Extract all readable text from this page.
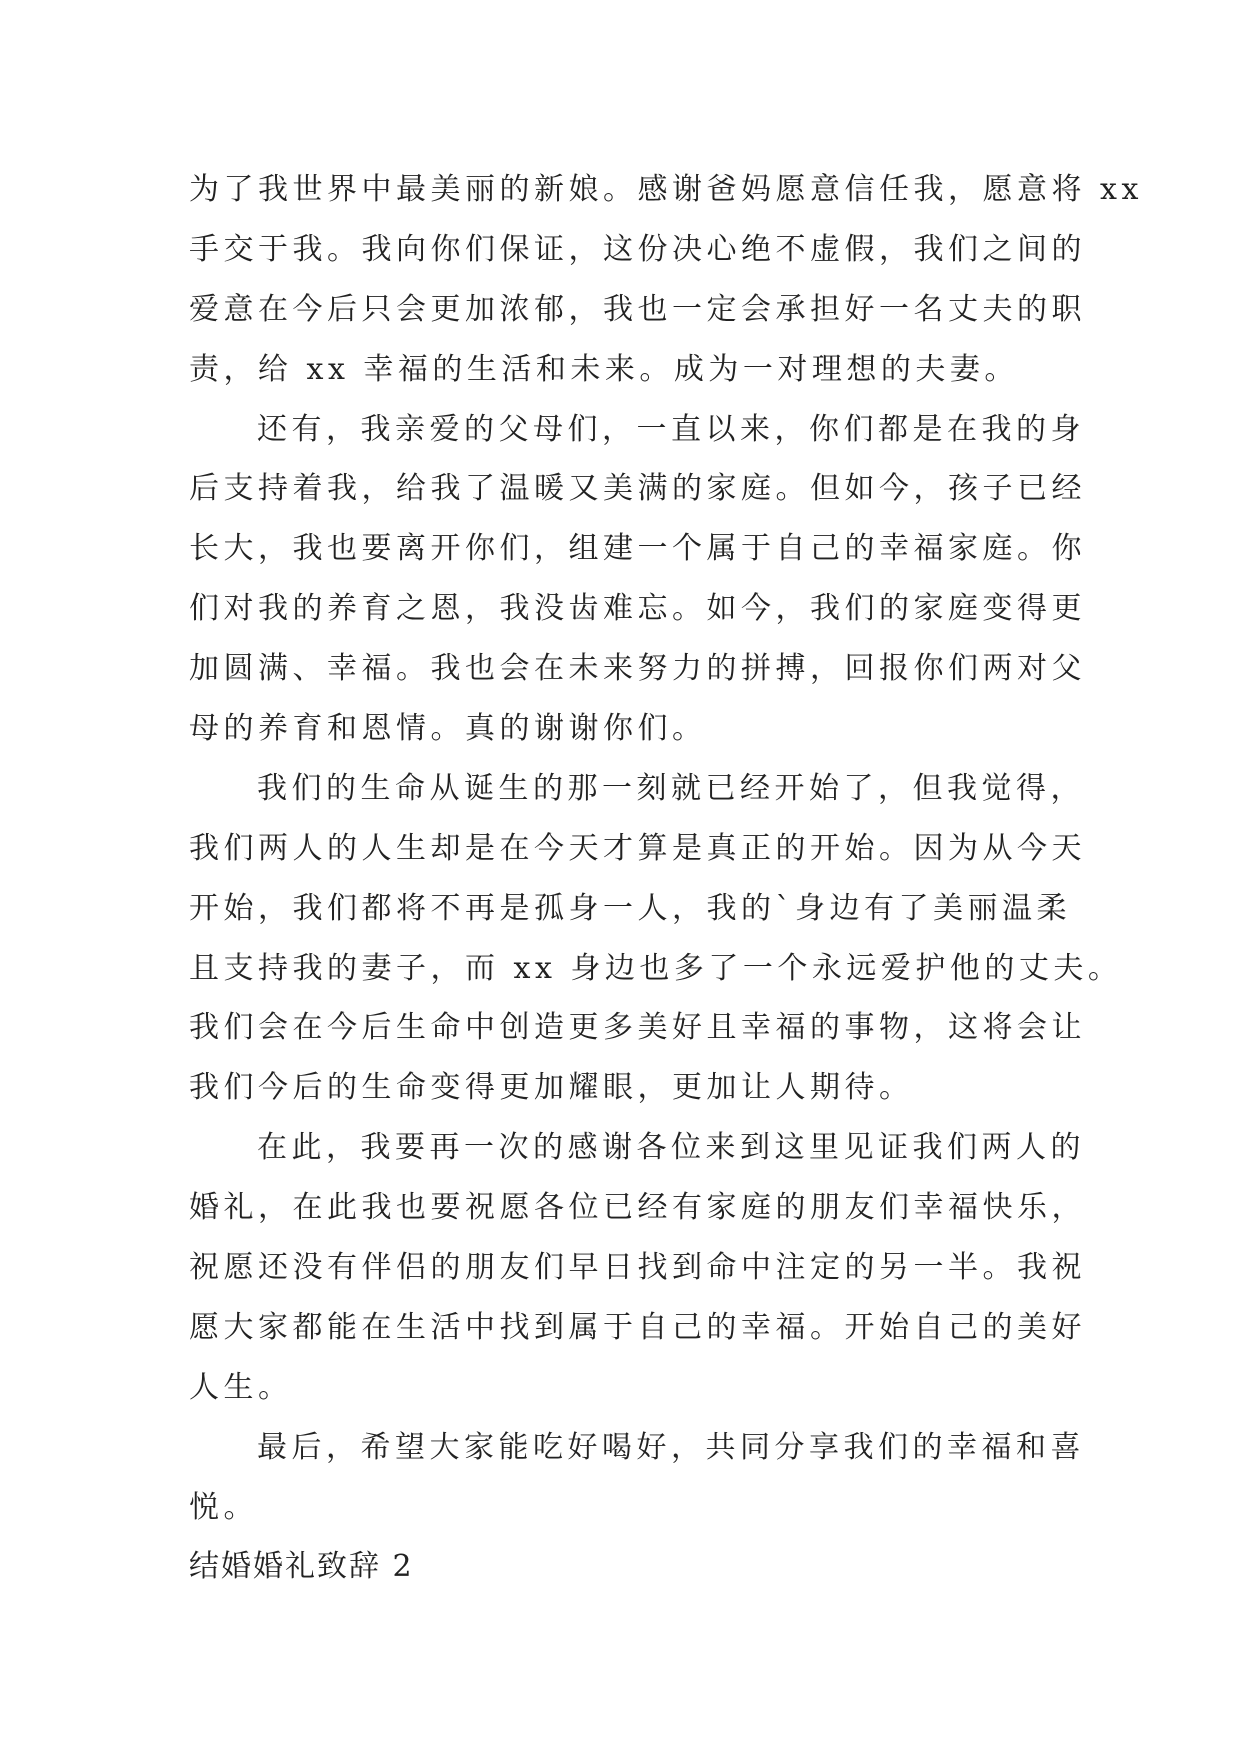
为了我世界中最美丽的新娘。感谢爸妈愿意信任我，愿意将 xx
手交于我。我向你们保证，这份决心绝不虚假，我们之间的
爱意在今后只会更加浓郁，我也一定会承担好一名丈夫的职
责，给 xx 幸福的生活和未来。成为一对理想的夫妻。
还有，我亲爱的父母们，一直以来，你们都是在我的身
后支持着我，给我了温暖又美满的家庭。但如今，孩子已经
长大，我也要离开你们，组建一个属于自己的幸福家庭。你
们对我的养育之恩，我没齿难忘。如今，我们的家庭变得更
加圆满、幸福。我也会在未来努力的拼搏，回报你们两对父
母的养育和恩情。真的谢谢你们。
我们的生命从诞生的那一刻就已经开始了，但我觉得，
我们两人的人生却是在今天才算是真正的开始。因为从今天
开始，我们都将不再是孤身一人，我的`身边有了美丽温柔
且支持我的妻子，而 xx 身边也多了一个永远爱护他的丈夫。
我们会在今后生命中创造更多美好且幸福的事物，这将会让
我们今后的生命变得更加耀眼，更加让人期待。
在此，我要再一次的感谢各位来到这里见证我们两人的
婚礼，在此我也要祝愿各位已经有家庭的朋友们幸福快乐，
祝愿还没有伴侣的朋友们早日找到命中注定的另一半。我祝
愿大家都能在生活中找到属于自己的幸福。开始自己的美好
人生。
最后，希望大家能吃好喝好，共同分享我们的幸福和喜
悦。
结婚婚礼致辞 2
